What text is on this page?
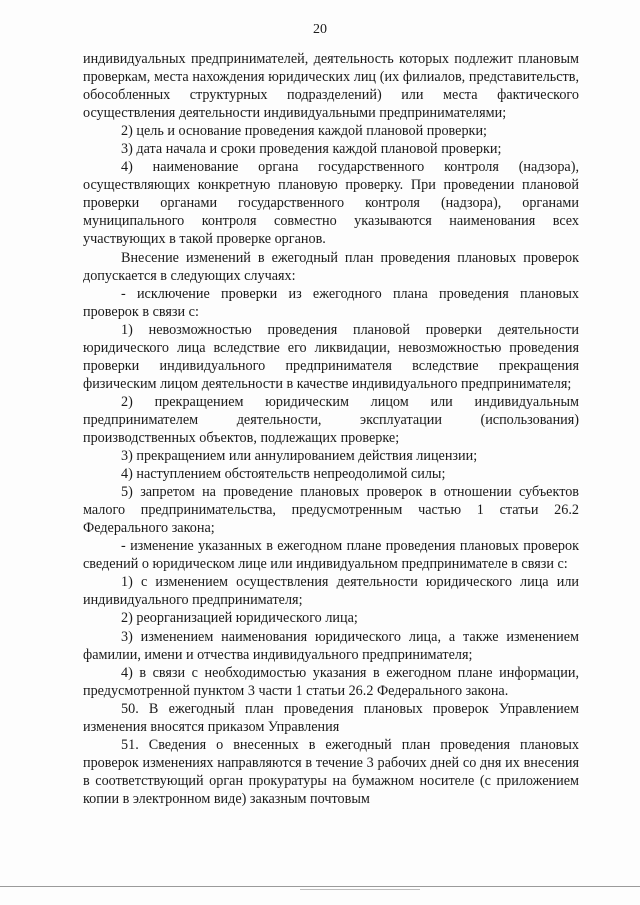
20

индивидуальных предпринимателей, деятельность которых подлежит плановым проверкам, места нахождения юридических лиц (их филиалов, представительств, обособленных структурных подразделений) или места фактического осуществления деятельности индивидуальными предпринимателями;

2) цель и основание проведения каждой плановой проверки;

3) дата начала и сроки проведения каждой плановой проверки;

4) наименование органа государственного контроля (надзора), осуществляющих конкретную плановую проверку. При проведении плановой проверки органами государственного контроля (надзора), органами муниципального контроля совместно указываются наименования всех участвующих в такой проверке органов.

Внесение изменений в ежегодный план проведения плановых проверок допускается в следующих случаях:

- исключение проверки из ежегодного плана проведения плановых проверок в связи с:

1) невозможностью проведения плановой проверки деятельности юридического лица вследствие его ликвидации, невозможностью проведения проверки индивидуального предпринимателя вследствие прекращения физическим лицом деятельности в качестве индивидуального предпринимателя;

2) прекращением юридическим лицом или индивидуальным предпринимателем деятельности, эксплуатации (использования) производственных объектов, подлежащих проверке;

3) прекращением или аннулированием действия лицензии;

4) наступлением обстоятельств непреодолимой силы;

5) запретом на проведение плановых проверок в отношении субъектов малого предпринимательства, предусмотренным частью 1 статьи 26.2 Федерального закона;

- изменение указанных в ежегодном плане проведения плановых проверок сведений о юридическом лице или индивидуальном предпринимателе в связи с:

1) с изменением осуществления деятельности юридического лица или индивидуального предпринимателя;

2) реорганизацией юридического лица;

3) изменением наименования юридического лица, а также изменением фамилии, имени и отчества индивидуального предпринимателя;

4) в связи с необходимостью указания в ежегодном плане информации, предусмотренной пунктом 3 части 1 статьи 26.2 Федерального закона.

50. В ежегодный план проведения плановых проверок Управлением изменения вносятся приказом Управления

51. Сведения о внесенных в ежегодный план проведения плановых проверок изменениях направляются в течение 3 рабочих дней со дня их внесения в соответствующий орган прокуратуры на бумажном носителе (с приложением копии в электронном виде) заказным почтовым
